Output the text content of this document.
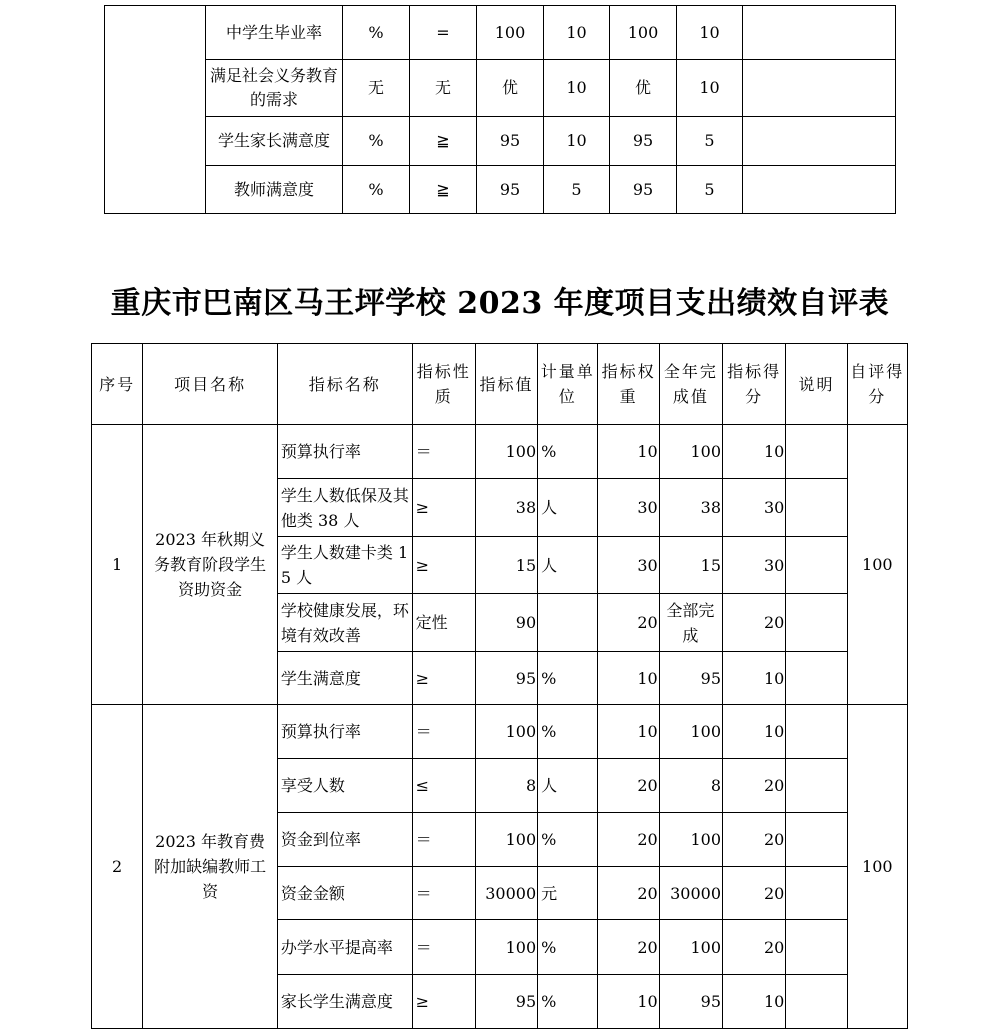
	中学生毕业率	%	=	100	10	100	10	
	满足社会义务教育的需求	无	无	优	10	优	10	
	学生家长满意度	%	≧	95	10	95	5	
	教师满意度	%	≧	95	5	95	5	
重庆市巴南区马王坪学校 2023 年度项目支出绩效自评表
序号	项目名称	指标名称	指标性质	指标值	计量单位	指标权重	全年完成值	指标得分	说明	自评得分
1	2023 年秋期义务教育阶段学生资助资金	预算执行率	＝	100	%	10	100	10		100
		学生人数低保及其他类 38 人	≥	38	人	30	38	30		
		学生人数建卡类 15 人	≥	15	人	30	15	30		
		学校健康发展，环境有效改善	定性	90		20	全部完成	20		
		学生满意度	≥	95	%	10	95	10		
2	2023 年教育费附加缺编教师工资	预算执行率	＝	100	%	10	100	10		100
		享受人数	≤	8	人	20	8	20		
		资金到位率	＝	100	%	20	100	20		
		资金金额	＝	30000	元	20	30000	20		
		办学水平提高率	＝	100	%	20	100	20		
		家长学生满意度	≥	95	%	10	95	10		
